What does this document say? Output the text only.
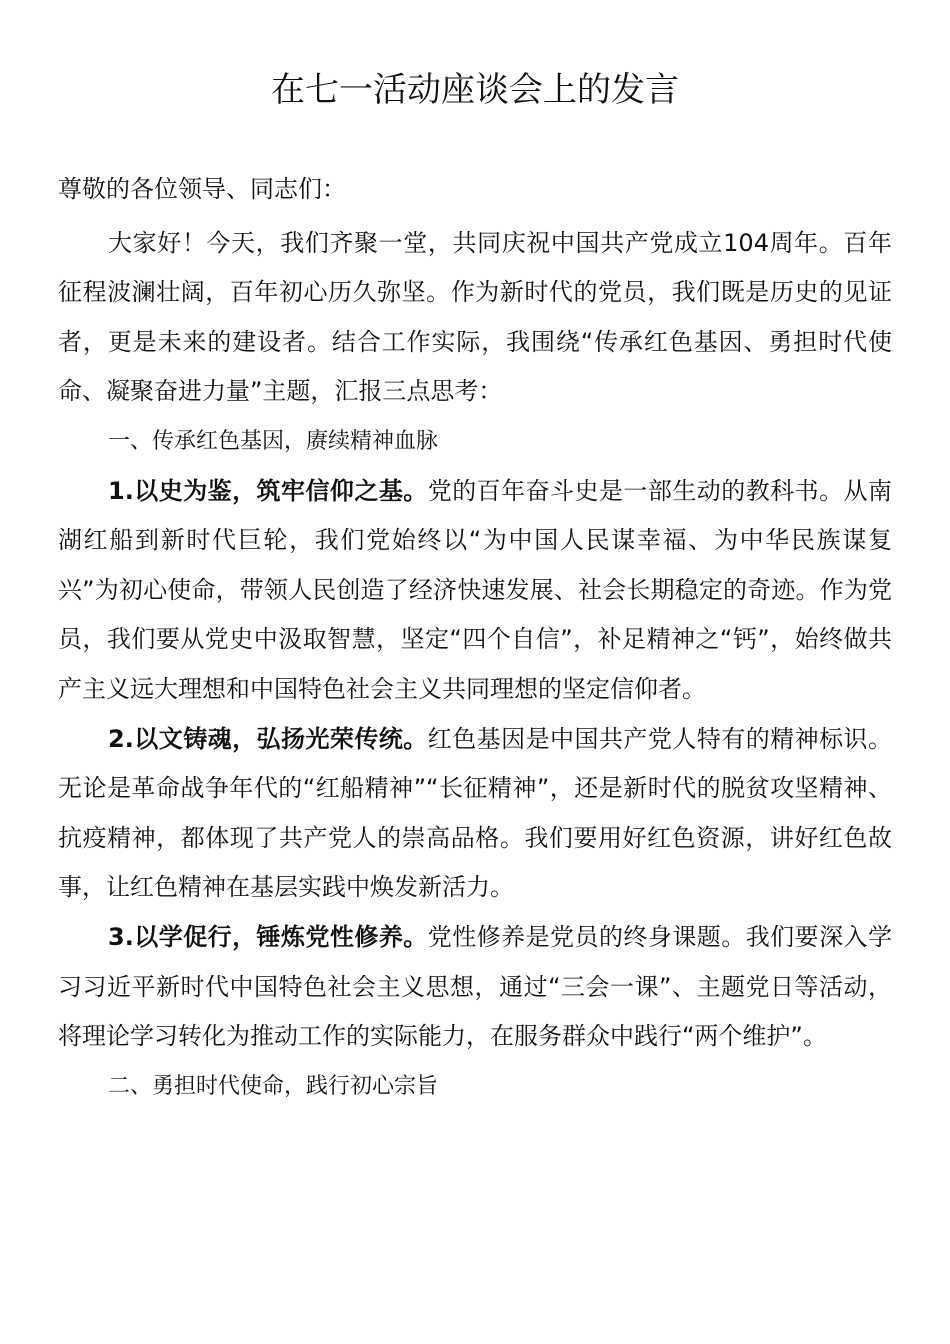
在七一活动座谈会上的发言

尊敬的各位领导、同志们：

大家好！今天，我们齐聚一堂，共同庆祝中国共产党成立104周年。百年征程波澜壮阔，百年初心历久弥坚。作为新时代的党员，我们既是历史的见证者，更是未来的建设者。结合工作实际，我围绕“传承红色基因、勇担时代使命、凝聚奋进力量”主题，汇报三点思考：

一、传承红色基因，赓续精神血脉

1.以史为鉴，筑牢信仰之基。党的百年奋斗史是一部生动的教科书。从南湖红船到新时代巨轮，我们党始终以“为中国人民谋幸福、为中华民族谋复兴”为初心使命，带领人民创造了经济快速发展、社会长期稳定的奇迹。作为党员，我们要从党史中汲取智慧，坚定“四个自信”，补足精神之“钙”，始终做共产主义远大理想和中国特色社会主义共同理想的坚定信仰者。

2.以文铸魂，弘扬光荣传统。红色基因是中国共产党人特有的精神标识。无论是革命战争年代的“红船精神”“长征精神”，还是新时代的脱贫攻坚精神、抗疫精神，都体现了共产党人的崇高品格。我们要用好红色资源，讲好红色故事，让红色精神在基层实践中焕发新活力。

3.以学促行，锤炼党性修养。党性修养是党员的终身课题。我们要深入学习习近平新时代中国特色社会主义思想，通过“三会一课”、主题党日等活动，将理论学习转化为推动工作的实际能力，在服务群众中践行“两个维护”。

二、勇担时代使命，践行初心宗旨
